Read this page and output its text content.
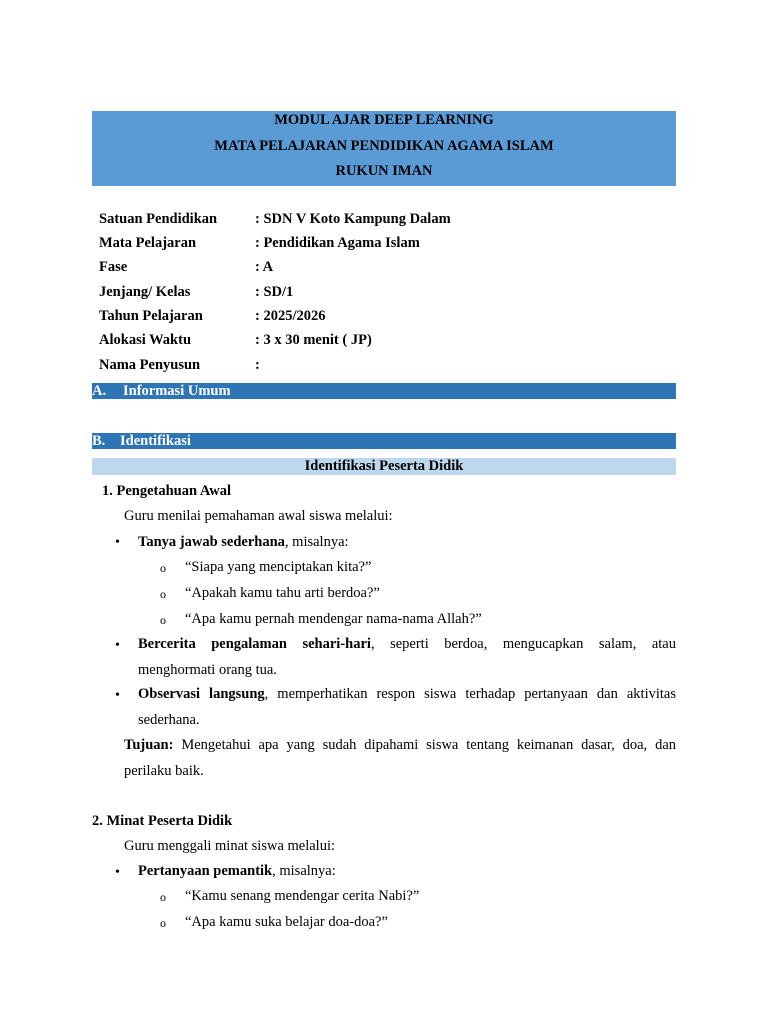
MODUL AJAR DEEP LEARNING
MATA PELAJARAN PENDIDIKAN AGAMA ISLAM
RUKUN IMAN
Satuan Pendidikan	: SDN V Koto Kampung Dalam
Mata Pelajaran	: Pendidikan Agama Islam
Fase	: A
Jenjang/ Kelas	: SD/1
Tahun Pelajaran	: 2025/2026
Alokasi Waktu	: 3 x 30 menit ( JP)
Nama Penyusun	:
A. Informasi Umum
B. Identifikasi
Identifikasi Peserta Didik
1. Pengetahuan Awal
Guru menilai pemahaman awal siswa melalui:
• Tanya jawab sederhana, misalnya:
o “Siapa yang menciptakan kita?”
o “Apakah kamu tahu arti berdoa?”
o “Apa kamu pernah mendengar nama-nama Allah?”
• Bercerita pengalaman sehari-hari, seperti berdoa, mengucapkan salam, atau
menghormati orang tua.
• Observasi langsung, memperhatikan respon siswa terhadap pertanyaan dan aktivitas
sederhana.
Tujuan: Mengetahui apa yang sudah dipahami siswa tentang keimanan dasar, doa, dan
perilaku baik.
2. Minat Peserta Didik
Guru menggali minat siswa melalui:
• Pertanyaan pemantik, misalnya:
o “Kamu senang mendengar cerita Nabi?”
o “Apa kamu suka belajar doa-doa?”
